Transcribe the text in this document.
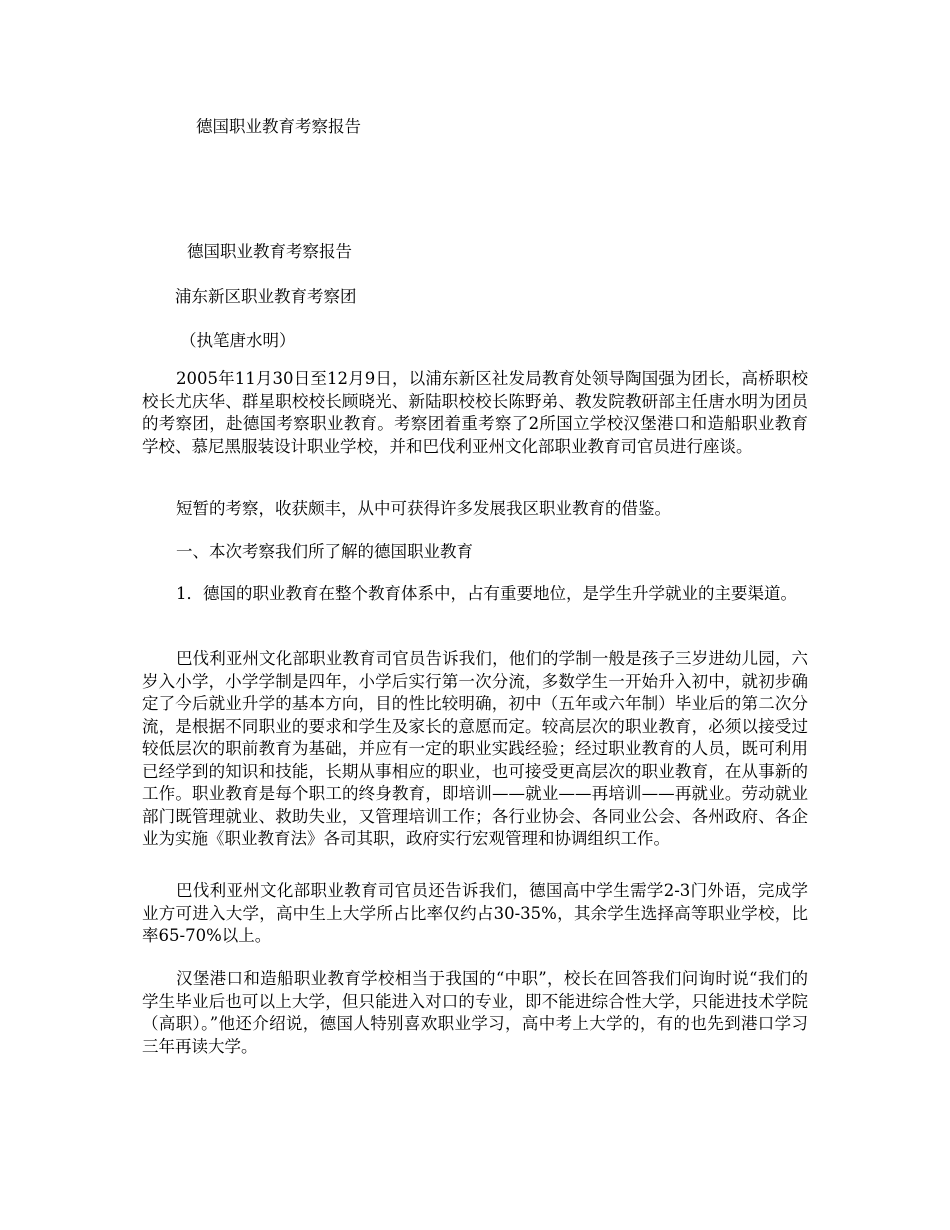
德国职业教育考察报告

德国职业教育考察报告

浦东新区职业教育考察团

（执笔唐水明）

2005年11月30日至12月9日，以浦东新区社发局教育处领导陶国强为团长，高桥职校校长尤庆华、群星职校校长顾晓光、新陆职校校长陈野弟、教发院教研部主任唐水明为团员的考察团，赴德国考察职业教育。考察团着重考察了2所国立学校汉堡港口和造船职业教育学校、慕尼黑服装设计职业学校，并和巴伐利亚州文化部职业教育司官员进行座谈。

短暂的考察，收获颇丰，从中可获得许多发展我区职业教育的借鉴。

一、本次考察我们所了解的德国职业教育

1．德国的职业教育在整个教育体系中，占有重要地位，是学生升学就业的主要渠道。

巴伐利亚州文化部职业教育司官员告诉我们，他们的学制一般是孩子三岁进幼儿园，六岁入小学，小学学制是四年，小学后实行第一次分流，多数学生一开始升入初中，就初步确定了今后就业升学的基本方向，目的性比较明确，初中（五年或六年制）毕业后的第二次分流，是根据不同职业的要求和学生及家长的意愿而定。较高层次的职业教育，必须以接受过较低层次的职前教育为基础，并应有一定的职业实践经验；经过职业教育的人员，既可利用已经学到的知识和技能，长期从事相应的职业，也可接受更高层次的职业教育，在从事新的工作。职业教育是每个职工的终身教育，即培训——就业——再培训——再就业。劳动就业部门既管理就业、救助失业，又管理培训工作；各行业协会、各同业公会、各州政府、各企业为实施《职业教育法》各司其职，政府实行宏观管理和协调组织工作。

巴伐利亚州文化部职业教育司官员还告诉我们，德国高中学生需学2-3门外语，完成学业方可进入大学，高中生上大学所占比率仅约占30-35%，其余学生选择高等职业学校，比率65-70%以上。

汉堡港口和造船职业教育学校相当于我国的“中职”，校长在回答我们问询时说“我们的学生毕业后也可以上大学，但只能进入对口的专业，即不能进综合性大学，只能进技术学院（高职）。”他还介绍说，德国人特别喜欢职业学习，高中考上大学的，有的也先到港口学习三年再读大学。
